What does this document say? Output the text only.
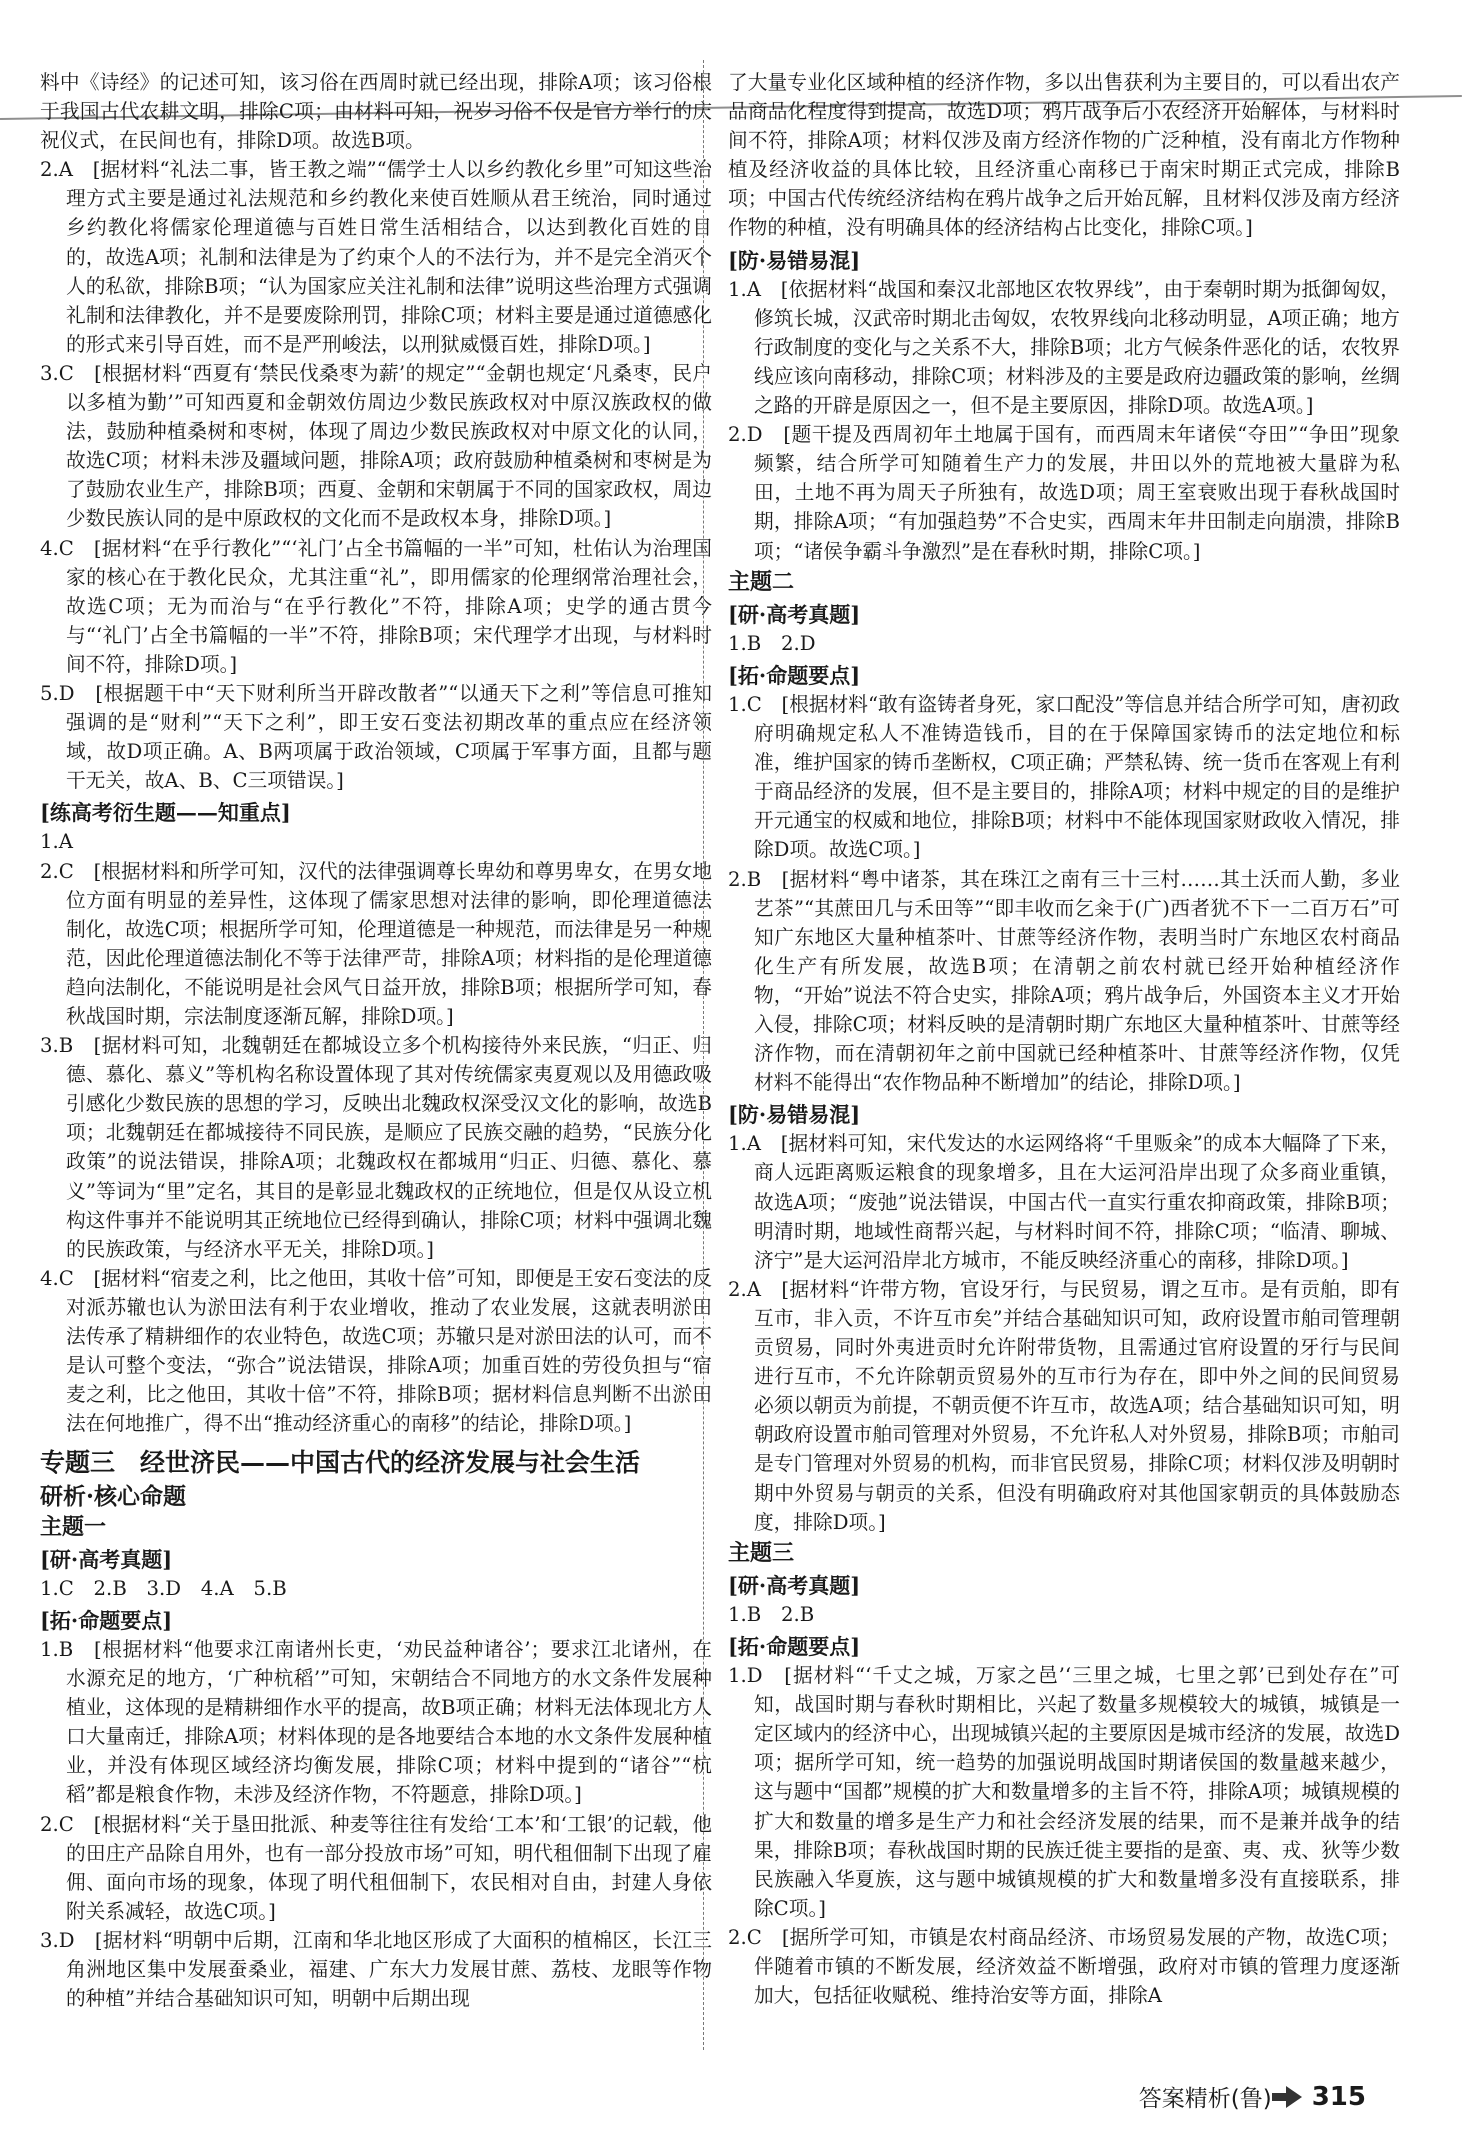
料中《诗经》的记述可知，该习俗在西周时就已经出现，排除A项；该习俗根于我国古代农耕文明，排除C项；由材料可知，祝岁习俗不仅是官方举行的庆祝仪式，在民间也有，排除D项。故选B项。
2.A　[据材料“礼法二事，皆王教之端”“儒学士人以乡约教化乡里”可知这些治理方式主要是通过礼法规范和乡约教化来使百姓顺从君王统治，同时通过乡约教化将儒家伦理道德与百姓日常生活相结合，以达到教化百姓的目的，故选A项；礼制和法律是为了约束个人的不法行为，并不是完全消灭个人的私欲，排除B项；“认为国家应关注礼制和法律”说明这些治理方式强调礼制和法律教化，并不是要废除刑罚，排除C项；材料主要是通过道德感化的形式来引导百姓，而不是严刑峻法，以刑狱威慑百姓，排除D项。]
3.C　[根据材料“西夏有‘禁民伐桑枣为薪’的规定”“金朝也规定‘凡桑枣，民户以多植为勤’”可知西夏和金朝效仿周边少数民族政权对中原汉族政权的做法，鼓励种植桑树和枣树，体现了周边少数民族政权对中原文化的认同，故选C项；材料未涉及疆域问题，排除A项；政府鼓励种植桑树和枣树是为了鼓励农业生产，排除B项；西夏、金朝和宋朝属于不同的国家政权，周边少数民族认同的是中原政权的文化而不是政权本身，排除D项。]
4.C　[据材料“在乎行教化”“‘礼门’占全书篇幅的一半”可知，杜佑认为治理国家的核心在于教化民众，尤其注重“礼”，即用儒家的伦理纲常治理社会，故选C项；无为而治与“在乎行教化”不符，排除A项；史学的通古贯今与“‘礼门’占全书篇幅的一半”不符，排除B项；宋代理学才出现，与材料时间不符，排除D项。]
5.D　[根据题干中“天下财利所当开辟改散者”“以通天下之利”等信息可推知强调的是“财利”“天下之利”，即王安石变法初期改革的重点应在经济领域，故D项正确。A、B两项属于政治领域，C项属于军事方面，且都与题干无关，故A、B、C三项错误。]
[练高考衍生题——知重点]
1.A
2.C　[根据材料和所学可知，汉代的法律强调尊长卑幼和尊男卑女，在男女地位方面有明显的差异性，这体现了儒家思想对法律的影响，即伦理道德法制化，故选C项；根据所学可知，伦理道德是一种规范，而法律是另一种规范，因此伦理道德法制化不等于法律严苛，排除A项；材料指的是伦理道德趋向法制化，不能说明是社会风气日益开放，排除B项；根据所学可知，春秋战国时期，宗法制度逐渐瓦解，排除D项。]
3.B　[据材料可知，北魏朝廷在都城设立多个机构接待外来民族，“归正、归德、慕化、慕义”等机构名称设置体现了其对传统儒家夷夏观以及用德政吸引感化少数民族的思想的学习，反映出北魏政权深受汉文化的影响，故选B项；北魏朝廷在都城接待不同民族，是顺应了民族交融的趋势，“民族分化政策”的说法错误，排除A项；北魏政权在都城用“归正、归德、慕化、慕义”等词为“里”定名，其目的是彰显北魏政权的正统地位，但是仅从设立机构这件事并不能说明其正统地位已经得到确认，排除C项；材料中强调北魏的民族政策，与经济水平无关，排除D项。]
4.C　[据材料“宿麦之利，比之他田，其收十倍”可知，即便是王安石变法的反对派苏辙也认为淤田法有利于农业增收，推动了农业发展，这就表明淤田法传承了精耕细作的农业特色，故选C项；苏辙只是对淤田法的认可，而不是认可整个变法，“弥合”说法错误，排除A项；加重百姓的劳役负担与“宿麦之利，比之他田，其收十倍”不符，排除B项；据材料信息判断不出淤田法在何地推广，得不出“推动经济重心的南移”的结论，排除D项。]
专题三　经世济民——中国古代的经济发展与社会生活
研析·核心命题
主题一
[研·高考真题]
1.C　2.B　3.D　4.A　5.B
[拓·命题要点]
1.B　[根据材料“他要求江南诸州长吏，‘劝民益种诸谷’；要求江北诸州，在水源充足的地方，‘广种杭稻’”可知，宋朝结合不同地方的水文条件发展种植业，这体现的是精耕细作水平的提高，故B项正确；材料无法体现北方人口大量南迁，排除A项；材料体现的是各地要结合本地的水文条件发展种植业，并没有体现区域经济均衡发展，排除C项；材料中提到的“诸谷”“杭稻”都是粮食作物，未涉及经济作物，不符题意，排除D项。]
2.C　[根据材料“关于垦田批派、种麦等往往有发给‘工本’和‘工银’的记载，他的田庄产品除自用外，也有一部分投放市场”可知，明代租佃制下出现了雇佣、面向市场的现象，体现了明代租佃制下，农民相对自由，封建人身依附关系减轻，故选C项。]
3.D　[据材料“明朝中后期，江南和华北地区形成了大面积的植棉区，长江三角洲地区集中发展蚕桑业，福建、广东大力发展甘蔗、荔枝、龙眼等作物的种植”并结合基础知识可知，明朝中后期出现
了大量专业化区域种植的经济作物，多以出售获利为主要目的，可以看出农产品商品化程度得到提高，故选D项；鸦片战争后小农经济开始解体，与材料时间不符，排除A项；材料仅涉及南方经济作物的广泛种植，没有南北方作物种植及经济收益的具体比较，且经济重心南移已于南宋时期正式完成，排除B项；中国古代传统经济结构在鸦片战争之后开始瓦解，且材料仅涉及南方经济作物的种植，没有明确具体的经济结构占比变化，排除C项。]
[防·易错易混]
1.A　[依据材料“战国和秦汉北部地区农牧界线”，由于秦朝时期为抵御匈奴，修筑长城，汉武帝时期北击匈奴，农牧界线向北移动明显，A项正确；地方行政制度的变化与之关系不大，排除B项；北方气候条件恶化的话，农牧界线应该向南移动，排除C项；材料涉及的主要是政府边疆政策的影响，丝绸之路的开辟是原因之一，但不是主要原因，排除D项。故选A项。]
2.D　[题干提及西周初年土地属于国有，而西周末年诸侯“夺田”“争田”现象频繁，结合所学可知随着生产力的发展，井田以外的荒地被大量辟为私田，土地不再为周天子所独有，故选D项；周王室衰败出现于春秋战国时期，排除A项；“有加强趋势”不合史实，西周末年井田制走向崩溃，排除B项；“诸侯争霸斗争激烈”是在春秋时期，排除C项。]
主题二
[研·高考真题]
1.B　2.D
[拓·命题要点]
1.C　[根据材料“敢有盗铸者身死，家口配没”等信息并结合所学可知，唐初政府明确规定私人不准铸造钱币，目的在于保障国家铸币的法定地位和标准，维护国家的铸币垄断权，C项正确；严禁私铸、统一货币在客观上有利于商品经济的发展，但不是主要目的，排除A项；材料中规定的目的是维护开元通宝的权威和地位，排除B项；材料中不能体现国家财政收入情况，排除D项。故选C项。]
2.B　[据材料“粤中诸茶，其在珠江之南有三十三村……其土沃而人勤，多业艺茶”“其蔗田几与禾田等”“即丰收而乞籴于(广)西者犹不下一二百万石”可知广东地区大量种植茶叶、甘蔗等经济作物，表明当时广东地区农村商品化生产有所发展，故选B项；在清朝之前农村就已经开始种植经济作物，“开始”说法不符合史实，排除A项；鸦片战争后，外国资本主义才开始入侵，排除C项；材料反映的是清朝时期广东地区大量种植茶叶、甘蔗等经济作物，而在清朝初年之前中国就已经种植茶叶、甘蔗等经济作物，仅凭材料不能得出“农作物品种不断增加”的结论，排除D项。]
[防·易错易混]
1.A　[据材料可知，宋代发达的水运网络将“千里贩籴”的成本大幅降了下来，商人远距离贩运粮食的现象增多，且在大运河沿岸出现了众多商业重镇，故选A项；“废弛”说法错误，中国古代一直实行重农抑商政策，排除B项；明清时期，地域性商帮兴起，与材料时间不符，排除C项；“临清、聊城、济宁”是大运河沿岸北方城市，不能反映经济重心的南移，排除D项。]
2.A　[据材料“许带方物，官设牙行，与民贸易，谓之互市。是有贡舶，即有互市，非入贡，不许互市矣”并结合基础知识可知，政府设置市舶司管理朝贡贸易，同时外夷进贡时允许附带货物，且需通过官府设置的牙行与民间进行互市，不允许除朝贡贸易外的互市行为存在，即中外之间的民间贸易必须以朝贡为前提，不朝贡便不许互市，故选A项；结合基础知识可知，明朝政府设置市舶司管理对外贸易，不允许私人对外贸易，排除B项；市舶司是专门管理对外贸易的机构，而非官民贸易，排除C项；材料仅涉及明朝时期中外贸易与朝贡的关系，但没有明确政府对其他国家朝贡的具体鼓励态度，排除D项。]
主题三
[研·高考真题]
1.B　2.B
[拓·命题要点]
1.D　[据材料“‘千丈之城，万家之邑’‘三里之城，七里之郭’已到处存在”可知，战国时期与春秋时期相比，兴起了数量多规模较大的城镇，城镇是一定区域内的经济中心，出现城镇兴起的主要原因是城市经济的发展，故选D项；据所学可知，统一趋势的加强说明战国时期诸侯国的数量越来越少，这与题中“国都”规模的扩大和数量增多的主旨不符，排除A项；城镇规模的扩大和数量的增多是生产力和社会经济发展的结果，而不是兼并战争的结果，排除B项；春秋战国时期的民族迁徙主要指的是蛮、夷、戎、狄等少数民族融入华夏族，这与题中城镇规模的扩大和数量增多没有直接联系，排除C项。]
2.C　[据所学可知，市镇是农村商品经济、市场贸易发展的产物，故选C项；伴随着市镇的不断发展，经济效益不断增强，政府对市镇的管理力度逐渐加大，包括征收赋税、维持治安等方面，排除A
答案精析(鲁) 315
